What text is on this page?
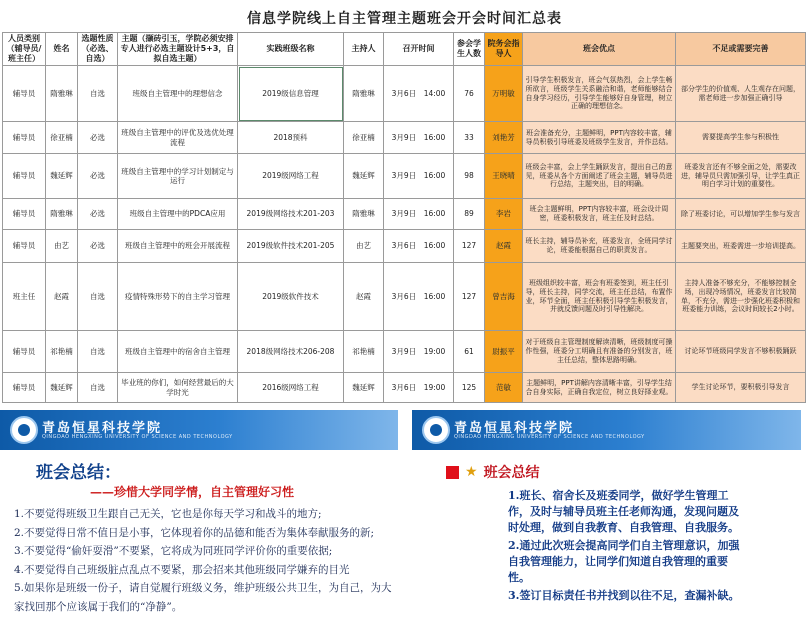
信息学院线上自主管理主题班会开会时间汇总表
人员类别（辅导员/班主任）	姓名	选题性质（必选、自选）	主题（撷砖引玉，学院必须安排专人进行必选主题设计5+3，自拟自选主题）	实践班级名称	主持人	召开时间	参会学生人数	院务会指导人	班会优点	不足或需要完善
辅导员	隋雅琳	自选	班级自主管理中的理想信念	2019级信息管理	隋雅琳	3月6日　14:00	76	万明敏	引导学生积极发言，班会气氛热烈，会上学生畅所欲言，班级学生关系融洽和谐，老师能够结合自身学习经历，引导学生能够好自身管理，树立正确的理想信念。	部分学生的价值观、人生观存在问题，需老师进一步加强正确引导
辅导员	徐亚楠	必选	班级自主管理中的评优及选优处理流程	2018预科	徐亚楠	3月9日　16:00	33	刘艳芳	班会准备充分，主题鲜明，PPT内容较丰富，辅导员积极引导班委及班级学生发言，并作总结。	需要提高学生参与积极性
辅导员	魏延辉	必选	班级自主管理中的学习计划制定与运行	2019级网络工程	魏延辉	3月9日　16:00	98	王晓晴	班级会丰富，会上学生踊跃发言，提出自己的意见，班委从各个方面阐述了班会主题，辅导员进行总结，主题突出，目的明确。	班委发言还有不够全面之处，需要改进，辅导员只需加强引导，让学生真正明白学习计划的重要性。
辅导员	隋雅琳	必选	班级自主管理中的PDCA应用	2019级网络技术201-203	隋雅琳	3月9日　16:00	89	李岩	班会主题鲜明，PPT内容较丰富，班会设计周密，班委积极发言，班主任及时总结。	除了班委讨论，可以增加学生参与发言
辅导员	由艺	必选	班级自主管理中的班会开展流程	2019级软件技术201-205	由艺	3月6日　16:00	127	赵霞	班长主持，辅导员补充，班委发言，全班同学讨论，班委能根据自己的职责发言。	主题要突出，班委需进一步培训提高。
班主任	赵霞	自选	疫情特殊形势下的自主学习管理	2019级软件技术	赵霞	3月6日　16:00	127	曾吉海	班级组织较丰富，班会有班委签到，班主任引导，班长主持，同学交流，班主任总结，布置作业，环节全面，班主任积极引导学生积极发言，并就反馈问题及时引导性解决。	主持人准备不够充分，不能够控制全场，出现冷场情况，班委发言比较简单，不充分，需进一步强化班委积极和班委能力训练，会议时间较长2小时。
辅导员	祁艳楠	自选	班级自主管理中的宿舍自主管理	2018级网络技术206-208	祁艳楠	3月9日　19:00	61	尉振平	对于班级自主管理制度解读清晰，班级制度可操作性强，班委分工明确且有准备的分别发言，班主任总结，整体思路明确。	讨论环节班级同学发言不够积极踊跃
辅导员	魏延辉	自选	毕业班的你们，如何经营最后的大学时光	2016级网络工程	魏延辉	3月6日　19:00	125	范敏	主题鲜明，PPT讲解内容清晰丰富，引导学生结合自身实际，正确自我定位，树立良好择业观。	学生讨论环节，要积极引导发言
青岛恒星科技学院
QINGDAO HENGXING UNIVERSITY OF SCIENCE AND TECHNOLOGY
班会总结：
——珍惜大学同学情，自主管理好习性
1.不要觉得班级卫生跟自己无关，它也是你每天学习和战斗的地方;
2.不要觉得日常不值日是小事，它体现着你的品德和能否为集体奉献服务的新;
3.不要觉得“偷奸耍滑”不要紧，它将成为同班同学评价你的重要依据;
4.不要觉得自己班级脏点乱点不要紧，那会招来其他班级同学嫌弃的目光
5.如果你是班级一份子，请自觉履行班级义务，维护班级公共卫生，为自己，为大家找回那个应该属于我们的“净静”。
青岛恒星科技学院
QINGDAO HENGXING UNIVERSITY OF SCIENCE AND TECHNOLOGY
★ 班会总结
1.班长、宿舍长及班委同学，做好学生管理工作，及时与辅导员班主任老师沟通，发现问题及时处理，做到自我教育、自我管理、自我服务。
2.通过此次班会提高同学们自主管理意识，加强自我管理能力，让同学们知道自我管理的重要性。
3.签订目标责任书并找到以往不足，查漏补缺。
